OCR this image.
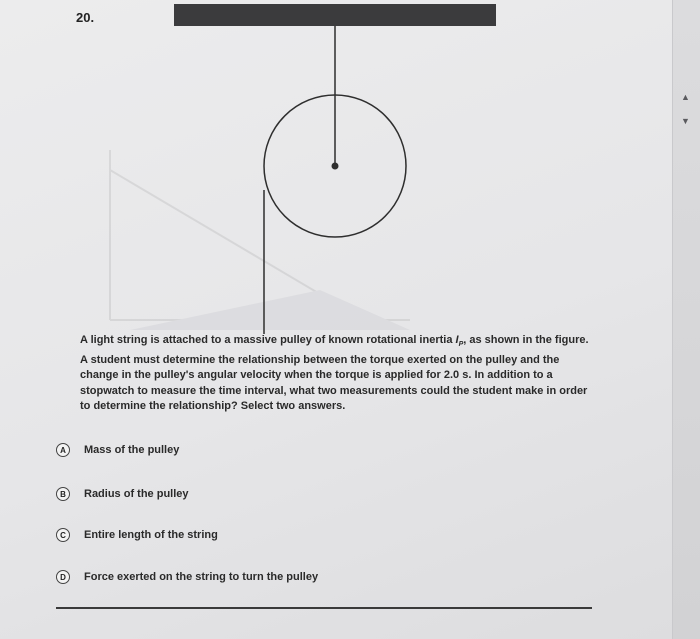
20.
A light string is attached to a massive pulley of known rotational inertia $I_P$, as shown in the figure. A student must determine the relationship between the torque exerted on the pulley and the change in the pulley's angular velocity when the torque is applied for 2.0 s. In addition to a stopwatch to measure the time interval, what two measurements could the student make in order to determine the relationship? Select two answers.
A	Mass of the pulley
B	Radius of the pulley
C	Entire length of the string
D	Force exerted on the string to turn the pulley
▲
▼
